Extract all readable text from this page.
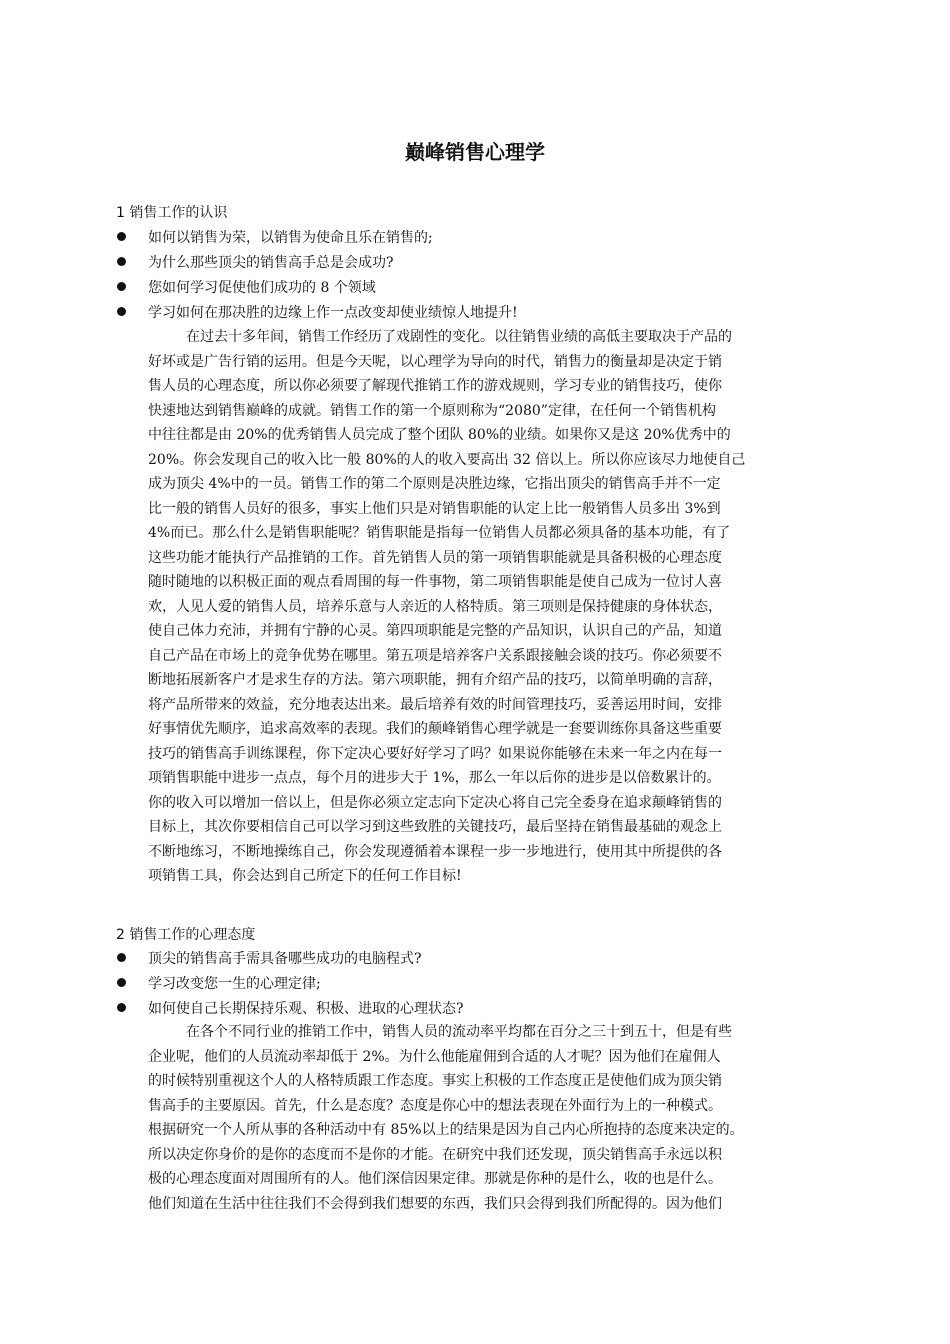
巅峰销售心理学
1 销售工作的认识
如何以销售为荣，以销售为使命且乐在销售的;
为什么那些顶尖的销售高手总是会成功?
您如何学习促使他们成功的 8 个领域
学习如何在那决胜的边缘上作一点改变却使业绩惊人地提升!
在过去十多年间，销售工作经历了戏剧性的变化。以往销售业绩的高低主要取决于产品的
好坏或是广告行销的运用。但是今天呢，以心理学为导向的时代，销售力的衡量却是决定于销
售人员的心理态度，所以你必须要了解现代推销工作的游戏规则，学习专业的销售技巧，使你
快速地达到销售巅峰的成就。销售工作的第一个原则称为“2080”定律，在任何一个销售机构
中往往都是由 20%的优秀销售人员完成了整个团队 80%的业绩。如果你又是这 20%优秀中的
20%。你会发现自己的收入比一般 80%的人的收入要高出 32 倍以上。所以你应该尽力地使自己
成为顶尖 4%中的一员。销售工作的第二个原则是决胜边缘，它指出顶尖的销售高手并不一定
比一般的销售人员好的很多，事实上他们只是对销售职能的认定上比一般销售人员多出 3%到
4%而已。那么什么是销售职能呢？销售职能是指每一位销售人员都必须具备的基本功能，有了
这些功能才能执行产品推销的工作。首先销售人员的第一项销售职能就是具备积极的心理态度
随时随地的以积极正面的观点看周围的每一件事物，第二项销售职能是使自己成为一位讨人喜
欢，人见人爱的销售人员，培养乐意与人亲近的人格特质。第三项则是保持健康的身体状态，
使自己体力充沛，并拥有宁静的心灵。第四项职能是完整的产品知识，认识自己的产品，知道
自己产品在市场上的竞争优势在哪里。第五项是培养客户关系跟接触会谈的技巧。你必须要不
断地拓展新客户才是求生存的方法。第六项职能，拥有介绍产品的技巧，以简单明确的言辞，
将产品所带来的效益，充分地表达出来。最后培养有效的时间管理技巧，妥善运用时间，安排
好事情优先顺序，追求高效率的表现。我们的颠峰销售心理学就是一套要训练你具备这些重要
技巧的销售高手训练课程，你下定决心要好好学习了吗？如果说你能够在未来一年之内在每一
项销售职能中进步一点点，每个月的进步大于 1%，那么一年以后你的进步是以倍数累计的。
你的收入可以增加一倍以上，但是你必须立定志向下定决心将自己完全委身在追求颠峰销售的
目标上，其次你要相信自己可以学习到这些致胜的关键技巧，最后坚持在销售最基础的观念上
不断地练习，不断地操练自己，你会发现遵循着本课程一步一步地进行，使用其中所提供的各
项销售工具，你会达到自己所定下的任何工作目标!
2 销售工作的心理态度
顶尖的销售高手需具备哪些成功的电脑程式?
学习改变您一生的心理定律;
如何使自己长期保持乐观、积极、进取的心理状态?
在各个不同行业的推销工作中，销售人员的流动率平均都在百分之三十到五十，但是有些
企业呢，他们的人员流动率却低于 2%。为什么他能雇佣到合适的人才呢？因为他们在雇佣人
的时候特别重视这个人的人格特质跟工作态度。事实上积极的工作态度正是使他们成为顶尖销
售高手的主要原因。首先，什么是态度？态度是你心中的想法表现在外面行为上的一种模式。
根据研究一个人所从事的各种活动中有 85%以上的结果是因为自己内心所抱持的态度来决定的。
所以决定你身价的是你的态度而不是你的才能。在研究中我们还发现，顶尖销售高手永远以积
极的心理态度面对周围所有的人。他们深信因果定律。那就是你种的是什么，收的也是什么。
他们知道在生活中往往我们不会得到我们想要的东西，我们只会得到我们所配得的。因为他们
